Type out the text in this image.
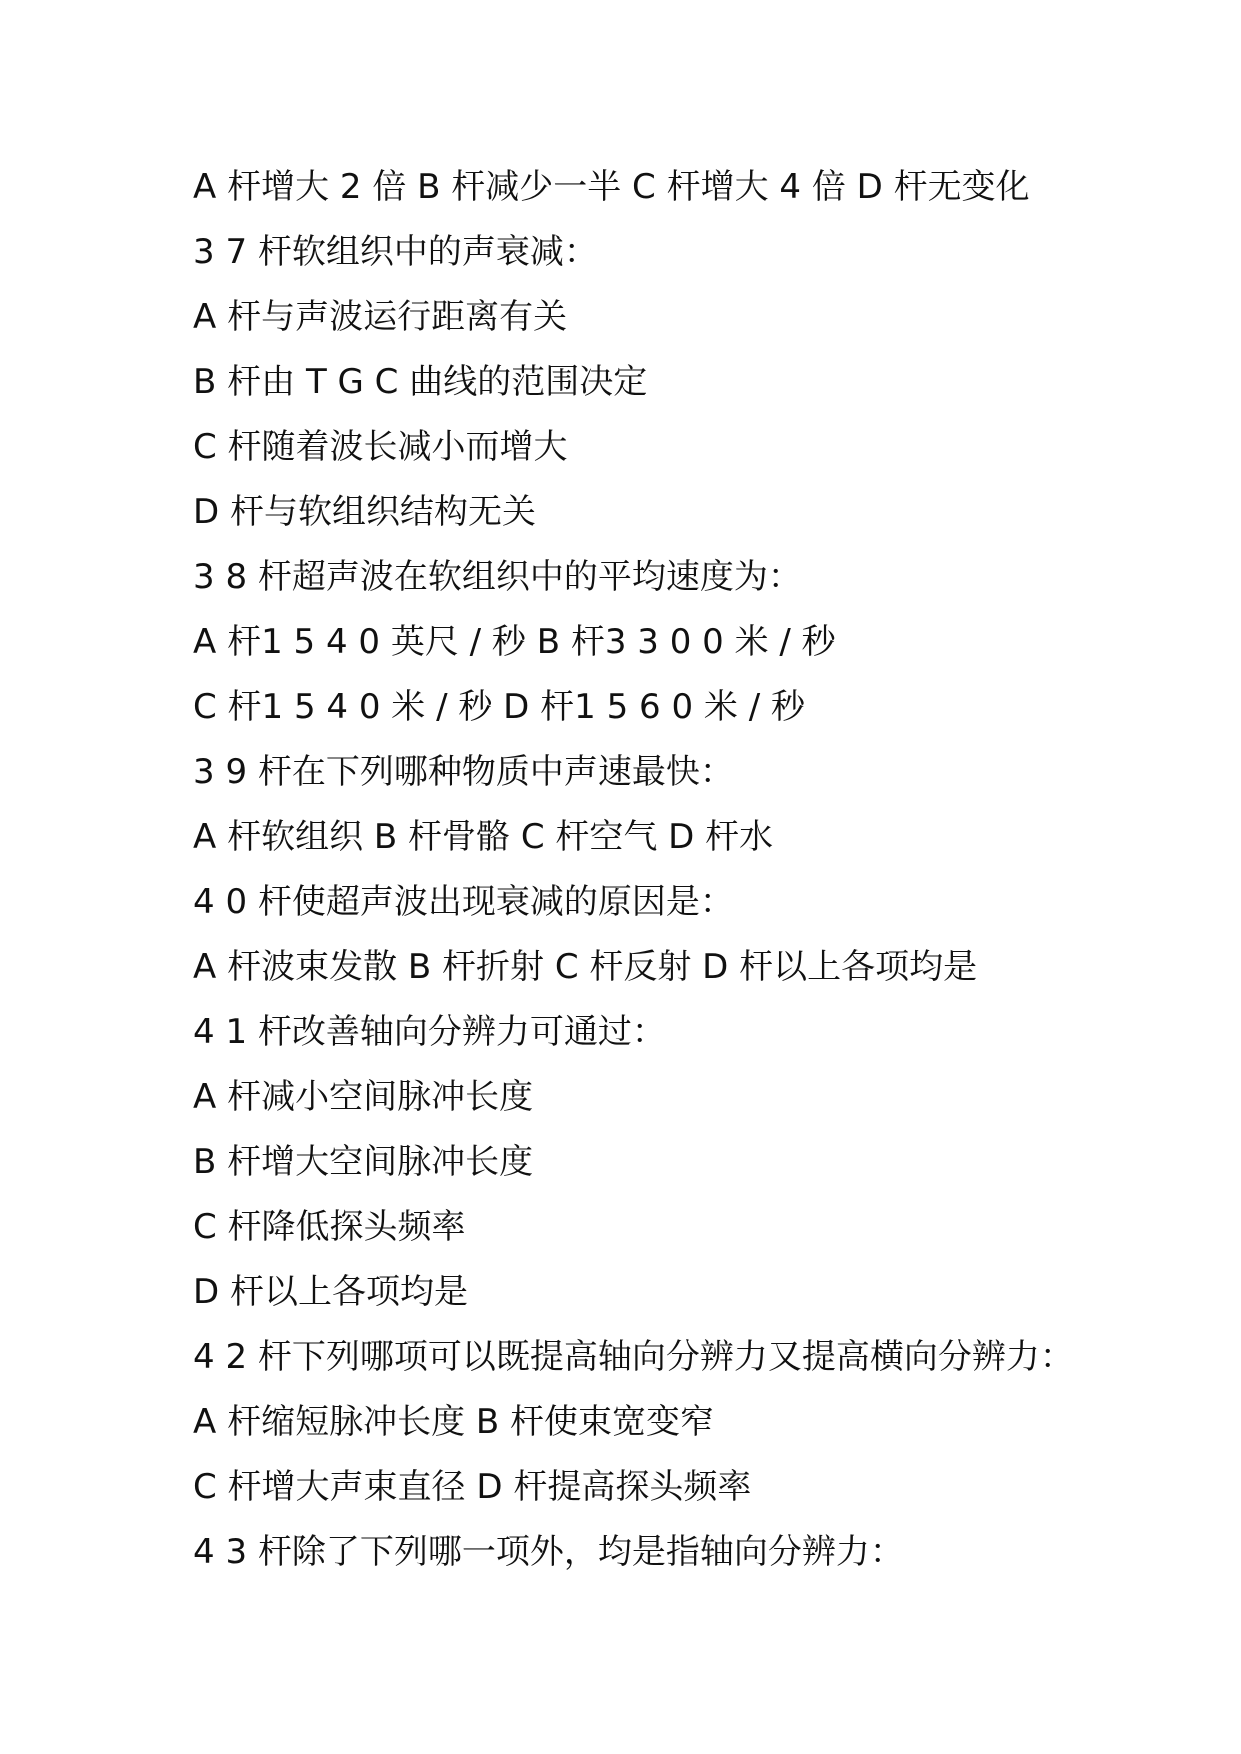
A 杆增大 2 倍 B 杆减少一半 C 杆增大 4 倍 D 杆无变化
3 7 杆软组织中的声衰减：
A 杆与声波运行距离有关
B 杆由 T G C 曲线的范围决定
C 杆随着波长减小而增大
D 杆与软组织结构无关
3 8 杆超声波在软组织中的平均速度为：
A 杆1 5 4 0 英尺 / 秒 B 杆3 3 0 0 米 / 秒
C 杆1 5 4 0 米 / 秒 D 杆1 5 6 0 米 / 秒
3 9 杆在下列哪种物质中声速最快：
A 杆软组织 B 杆骨骼 C 杆空气 D 杆水
4 0 杆使超声波出现衰减的原因是：
A 杆波束发散 B 杆折射 C 杆反射 D 杆以上各项均是
4 1 杆改善轴向分辨力可通过：
A 杆减小空间脉冲长度
B 杆增大空间脉冲长度
C 杆降低探头频率
D 杆以上各项均是
4 2 杆下列哪项可以既提高轴向分辨力又提高横向分辨力：
A 杆缩短脉冲长度 B 杆使束宽变窄
C 杆增大声束直径 D 杆提高探头频率
4 3 杆除了下列哪一项外，均是指轴向分辨力：
